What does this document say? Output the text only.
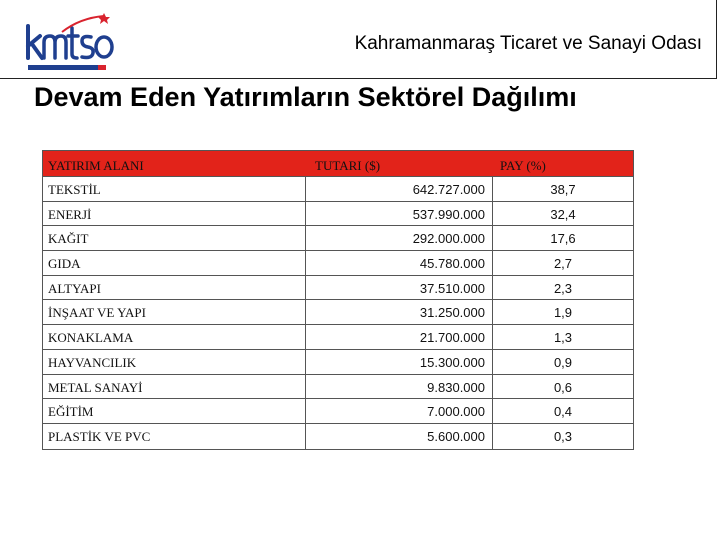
Kahramanmaraş Ticaret ve Sanayi Odası
Devam Eden Yatırımların Sektörel Dağılımı
YATIRIM ALANI	TUTARI ($)	PAY (%)
TEKSTİL	642.727.000	38,7
ENERJİ	537.990.000	32,4
KAĞIT	292.000.000	17,6
GIDA	45.780.000	2,7
ALTYAPI	37.510.000	2,3
İNŞAAT VE YAPI	31.250.000	1,9
KONAKLAMA	21.700.000	1,3
HAYVANCILIK	15.300.000	0,9
METAL SANAYİ	9.830.000	0,6
EĞİTİM	7.000.000	0,4
PLASTİK VE PVC	5.600.000	0,3
